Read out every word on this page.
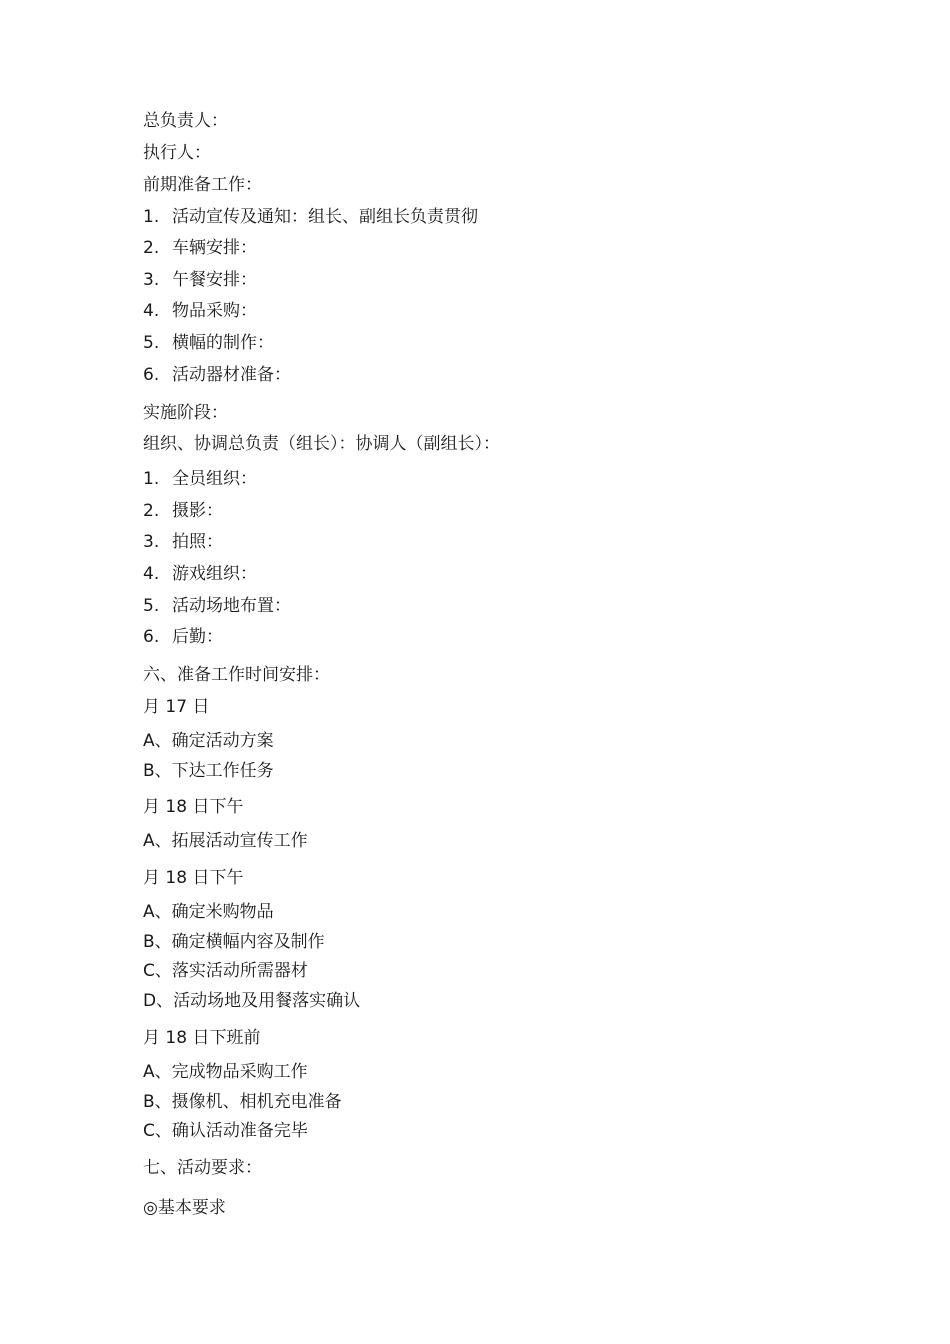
总负责人：
执行人：
前期准备工作：
1. 活动宣传及通知：组长、副组长负责贯彻
2. 车辆安排：
3. 午餐安排：
4. 物品采购：
5. 横幅的制作：
6. 活动器材准备：
实施阶段：
组织、协调总负责（组长）：协调人（副组长）：
1. 全员组织：
2. 摄影：
3. 拍照：
4. 游戏组织：
5. 活动场地布置：
6. 后勤：
六、准备工作时间安排：
月 17 日
A、确定活动方案
B、下达工作任务
月 18 日下午
A、拓展活动宣传工作
月 18 日下午
A、确定米购物品
B、确定横幅内容及制作
C、落实活动所需器材
D、活动场地及用餐落实确认
月 18 日下班前
A、完成物品采购工作
B、摄像机、相机充电准备
C、确认活动准备完毕
七、活动要求：
◎基本要求
